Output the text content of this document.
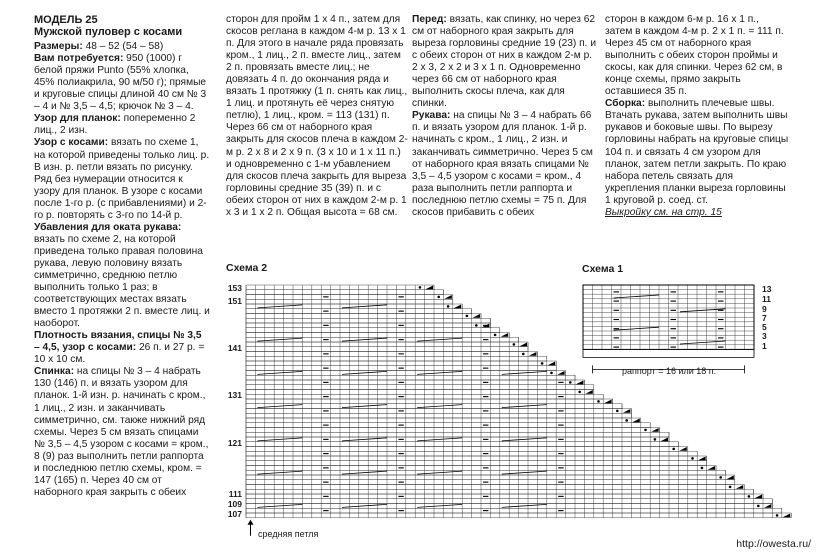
МОДЕЛЬ 25

Мужской пуловер с косами

Размеры: 48 – 52 (54 – 58)

Вам потребуется: 950 (1000) г белой пряжи Punto (55% хлопка, 45% полиакрила, 90 м/50 г); прямые и круговые спицы длиной 40 см № 3 – 4 и № 3,5 – 4,5; крючок № 3 – 4.

Узор для планок: попеременно 2 лиц., 2 изн.

Узор с косами: вязать по схеме 1, на которой приведены только лиц. р. В изн. р. петли вязать по рисунку. Ряд без нумерации относится к узору для планок. В узоре с косами после 1-го р. (с прибавлениями) и 2-го р. повторять с 3-го по 14-й р.

Убавления для оката рукава: вязать по схеме 2, на которой приведена только правая половина рукава, левую половину вязать симметрично, среднюю петлю выполнить только 1 раз; в соответствующих местах вязать вместо 1 протяжки 2 п. вместе лиц. и наоборот.

Плотность вязания, спицы № 3,5 – 4,5, узор с косами: 26 п. и 27 р. = 10 x 10 см.

Спинка: на спицы № 3 – 4 набрать 130 (146) п. и вязать узором для планок. 1-й изн. р. начинать с кром., 1 лиц., 2 изн. и заканчивать симметрично, см. также нижний ряд схемы. Через 5 см вязать спицами № 3,5 – 4,5 узором с косами = кром., 8 (9) раз выполнить петли раппорта и последнюю петлю схемы, кром. = 147 (165) п. Через 40 см от наборного края закрыть с обеих

сторон для пройм 1 x 4 п., затем для скосов реглана в каждом 4-м р. 13 x 1 п. Для этого в начале ряда провязать кром., 1 лиц., 2 п. вместе лиц., затем 2 п. провязать вместе лиц.; не довязать 4 п. до окончания ряда и вязать 1 протяжку (1 п. снять как лиц., 1 лиц. и протянуть её через снятую петлю), 1 лиц., кром. = 113 (131) п. Через 66 см от наборного края закрыть для скосов плеча в каждом 2-м р. 2 x 8 и 2 x 9 п. (3 x 10 и 1 x 11 п.) и одновременно с 1-м убавлением для скосов плеча закрыть для выреза горловины средние 35 (39) п. и с обеих сторон от них в каждом 2-м р. 1 x 3 и 1 x 2 п. Общая высота = 68 см.

Перед: вязать, как спинку, но через 62 см от наборного края закрыть для выреза горловины средние 19 (23) п. и с обеих сторон от них в каждом 2-м р. 2 x 3, 2 x 2 и 3 x 1 п. Одновременно через 66 см от наборного края выполнить скосы плеча, как для спинки.

Рукава: на спицы № 3 – 4 набрать 66 п. и вязать узором для планок. 1-й р. начинать с кром., 1 лиц., 2 изн. и заканчивать симметрично. Через 5 см от наборного края вязать спицами № 3,5 – 4,5 узором с косами = кром., 4 раза выполнить петли раппорта и последнюю петлю схемы = 75 п. Для скосов прибавить с обеих

сторон в каждом 6-м р. 16 x 1 п., затем в каждом 4-м р. 2 x 1 п. = 111 п. Через 45 см от наборного края выполнить с обеих сторон проймы и скосы, как для спинки. Через 62 см, в конце схемы, прямо закрыть оставшиеся 35 п.

Сборка: выполнить плечевые швы. Втачать рукава, затем выполнить швы рукавов и боковые швы. По вырезу горловины набрать на круговые спицы 104 п. и связать 4 см узором для планок, затем петли закрыть. По краю набора петель связать для укрепления планки выреза горловины 1 круговой р. соед. ст.

Выкройку см. на стр. 15

Схема 2
153
151
141
131
121
111
109
107
средняя петля
Схема 1
13
11
9
7
5
3
1
раппорт = 16 или 18 п.
http://owesta.ru/
